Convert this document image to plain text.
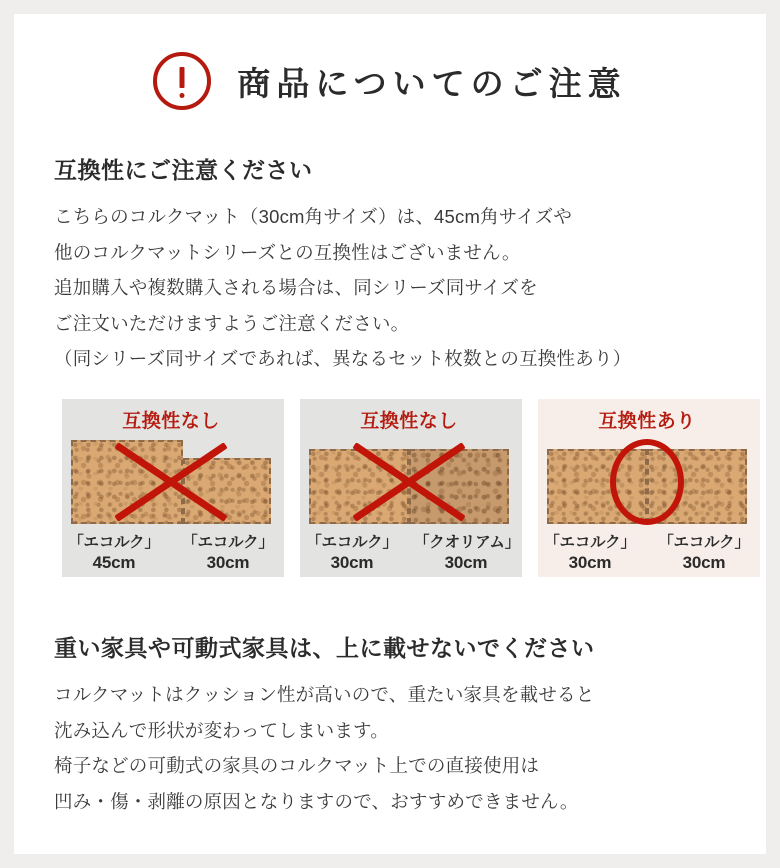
商品についてのご注意
互換性にご注意ください
こちらのコルクマット（30cm角サイズ）は、45cm角サイズや
他のコルクマットシリーズとの互換性はございません。
追加購入や複数購入される場合は、同シリーズ同サイズを
ご注文いただけますようご注意ください。
（同シリーズ同サイズであれば、異なるセット枚数との互換性あり）
互換性なし
「エコルク」
45cm
「エコルク」
30cm
互換性なし
「エコルク」
30cm
「クオリアム」
30cm
互換性あり
「エコルク」
30cm
「エコルク」
30cm
重い家具や可動式家具は、上に載せないでください
コルクマットはクッション性が高いので、重たい家具を載せると
沈み込んで形状が変わってしまいます。
椅子などの可動式の家具のコルクマット上での直接使用は
凹み・傷・剥離の原因となりますので、おすすめできません。
